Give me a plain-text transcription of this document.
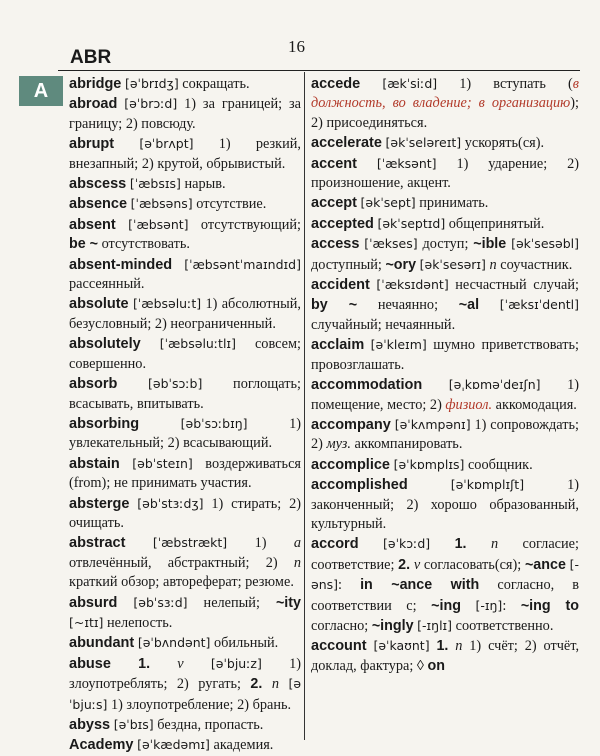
ABR
16
A abridge [əˈbrɪdʒ] сокращать.

abroad [əˈbrɔːd] 1) за границей; за границу; 2) повсюду.

abrupt [əˈbrʌpt] 1) резкий, внезапный; 2) крутой, обрывистый.

abscess [ˈæbsɪs] нарыв.

absence [ˈæbsəns] отсутствие.

absent [ˈæbsənt] отсутствующий; be ~ отсутствовать.

absent-minded [ˈæbsəntˈmaɪndɪd] рассеянный.

absolute [ˈæbsəluːt] 1) абсолютный, безусловный; 2) неограниченный.

absolutely [ˈæbsəluːtlɪ] совсем; совершенно.

absorb [əbˈsɔːb] поглощать; всасывать, впитывать.

absorbing	[əbˈsɔːbɪŋ] 1) увлекательный; 2) всасывающий.

abstain [əbˈsteɪn] воздерживаться (from); не принимать участия.

absterge [əbˈstɜːdʒ] 1) стирать; 2) очищать.

abstract [ˈæbstrækt] 1) a отвлечённый, абстрактный; 2) n краткий обзор; автореферат; резюме.

absurd [əbˈsɜːd] нелепый; ~ity [~ɪtɪ] нелепость.

abundant [əˈbʌndənt] обильный.

abuse 1. v [əˈbjuːz] 1) злоупотреблять; 2) ругать; 2. n [əˈbjuːs] 1) злоупотребление; 2) брань.

abyss [əˈbɪs] бездна, пропасть.

Academy [əˈkædəmɪ] академия.

accede [ækˈsiːd] 1) вступать (в должность, во владение; в организацию); 2) присоединяться.

accelerate [əkˈseləreɪt] ускорять(ся).

accent [ˈæksənt] 1) ударение; 2) произношение, акцент.

accept [əkˈsept] принимать.

accepted [əkˈseptɪd] общепринятый.

access [ˈækses] доступ; ~ible [əkˈsesəbl] доступный; ~ory [əkˈsesərɪ] n соучастник.

accident [ˈæksɪdənt] несчастный случай; by ~ нечаянно; ~al [ˈæksɪˈdentl] случайный; нечаянный.

acclaim [əˈkleɪm] шумно приветствовать; провозглашать.

accommodation [əˌkɒməˈdeɪʃn] 1) помещение, место; 2) физиол. аккомодация.

accompany [əˈkʌmpənɪ] 1) сопровождать; 2) муз. аккомпанировать.

accomplice [əˈkɒmplɪs] сообщник.

accomplished	[əˈkɒmplɪʃt] 1) законченный; 2) хорошо образованный, культурный.

accord [əˈkɔːd] 1. n согласие; соответствие; 2. v согласовать(ся); ~ance [-əns]: in ~ance with согласно, в соответствии с; ~ing [-ɪŋ]: ~ing to согласно; ~ingly [-ɪŋlɪ] соответственно.

account [əˈkaʊnt] 1. n 1) счёт; 2) отчёт, доклад, фактура; ◊ on
